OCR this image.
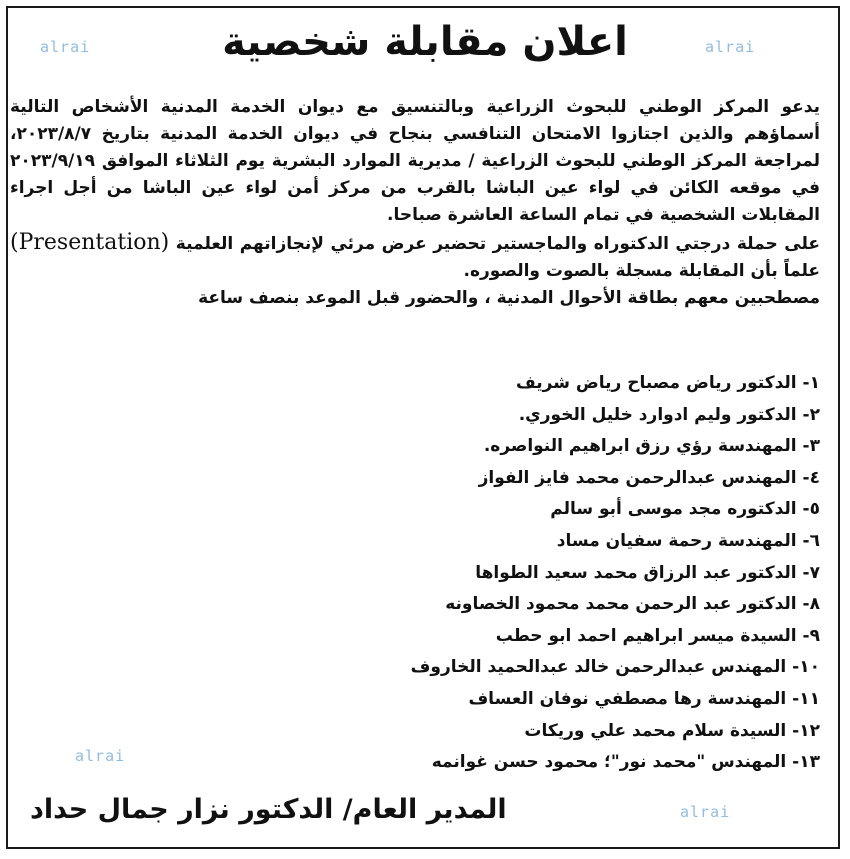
اعلان مقابلة شخصية
alrai	alrai
alrai
alrai

يدعو المركز الوطني للبحوث الزراعية وبالتنسيق مع ديوان الخدمة المدنية الأشخاص التالية أسماؤهم والذين اجتازوا الامتحان التنافسي بنجاح في ديوان الخدمة المدنية بتاريخ ٢٠٢٣/٨/٧، لمراجعة المركز الوطني للبحوث الزراعية / مديرية الموارد البشرية يوم الثلاثاء الموافق ٢٠٢٣/٩/١٩ في موقعه الكائن في لواء عين الباشا بالقرب من مركز أمن لواء عين الباشا من أجل اجراء المقابلات الشخصية في تمام الساعة العاشرة صباحا.

على حملة درجتي الدكتوراه والماجستير تحضير عرض مرئي لإنجازاتهم العلمية (Presentation) علماً بأن المقابلة مسجلة بالصوت والصوره.

مصطحبين معهم بطاقة الأحوال المدنية ، والحضور قبل الموعد بنصف ساعة

١- الدكتور رياض مصباح رياض شريف
٢- الدكتور وليم ادوارد خليل الخوري.
٣- المهندسة رؤي رزق ابراهيم النواصره.
٤- المهندس عبدالرحمن محمد فايز الفواز
٥- الدكتوره مجد موسى أبو سالم
٦- المهندسة رحمة سفيان مساد
٧- الدكتور عبد الرزاق محمد سعيد الطواها
٨- الدكتور عبد الرحمن محمد محمود الخصاونه
٩- السيدة ميسر ابراهيم احمد ابو حطب
١٠- المهندس عبدالرحمن خالد عبدالحميد الخاروف
١١- المهندسة رها مصطفي نوفان العساف
١٢- السيدة سلام محمد علي وريكات
١٣- المهندس "محمد نور"؛ محمود حسن غوانمه
المدير العام/ الدكتور نزار جمال حداد
